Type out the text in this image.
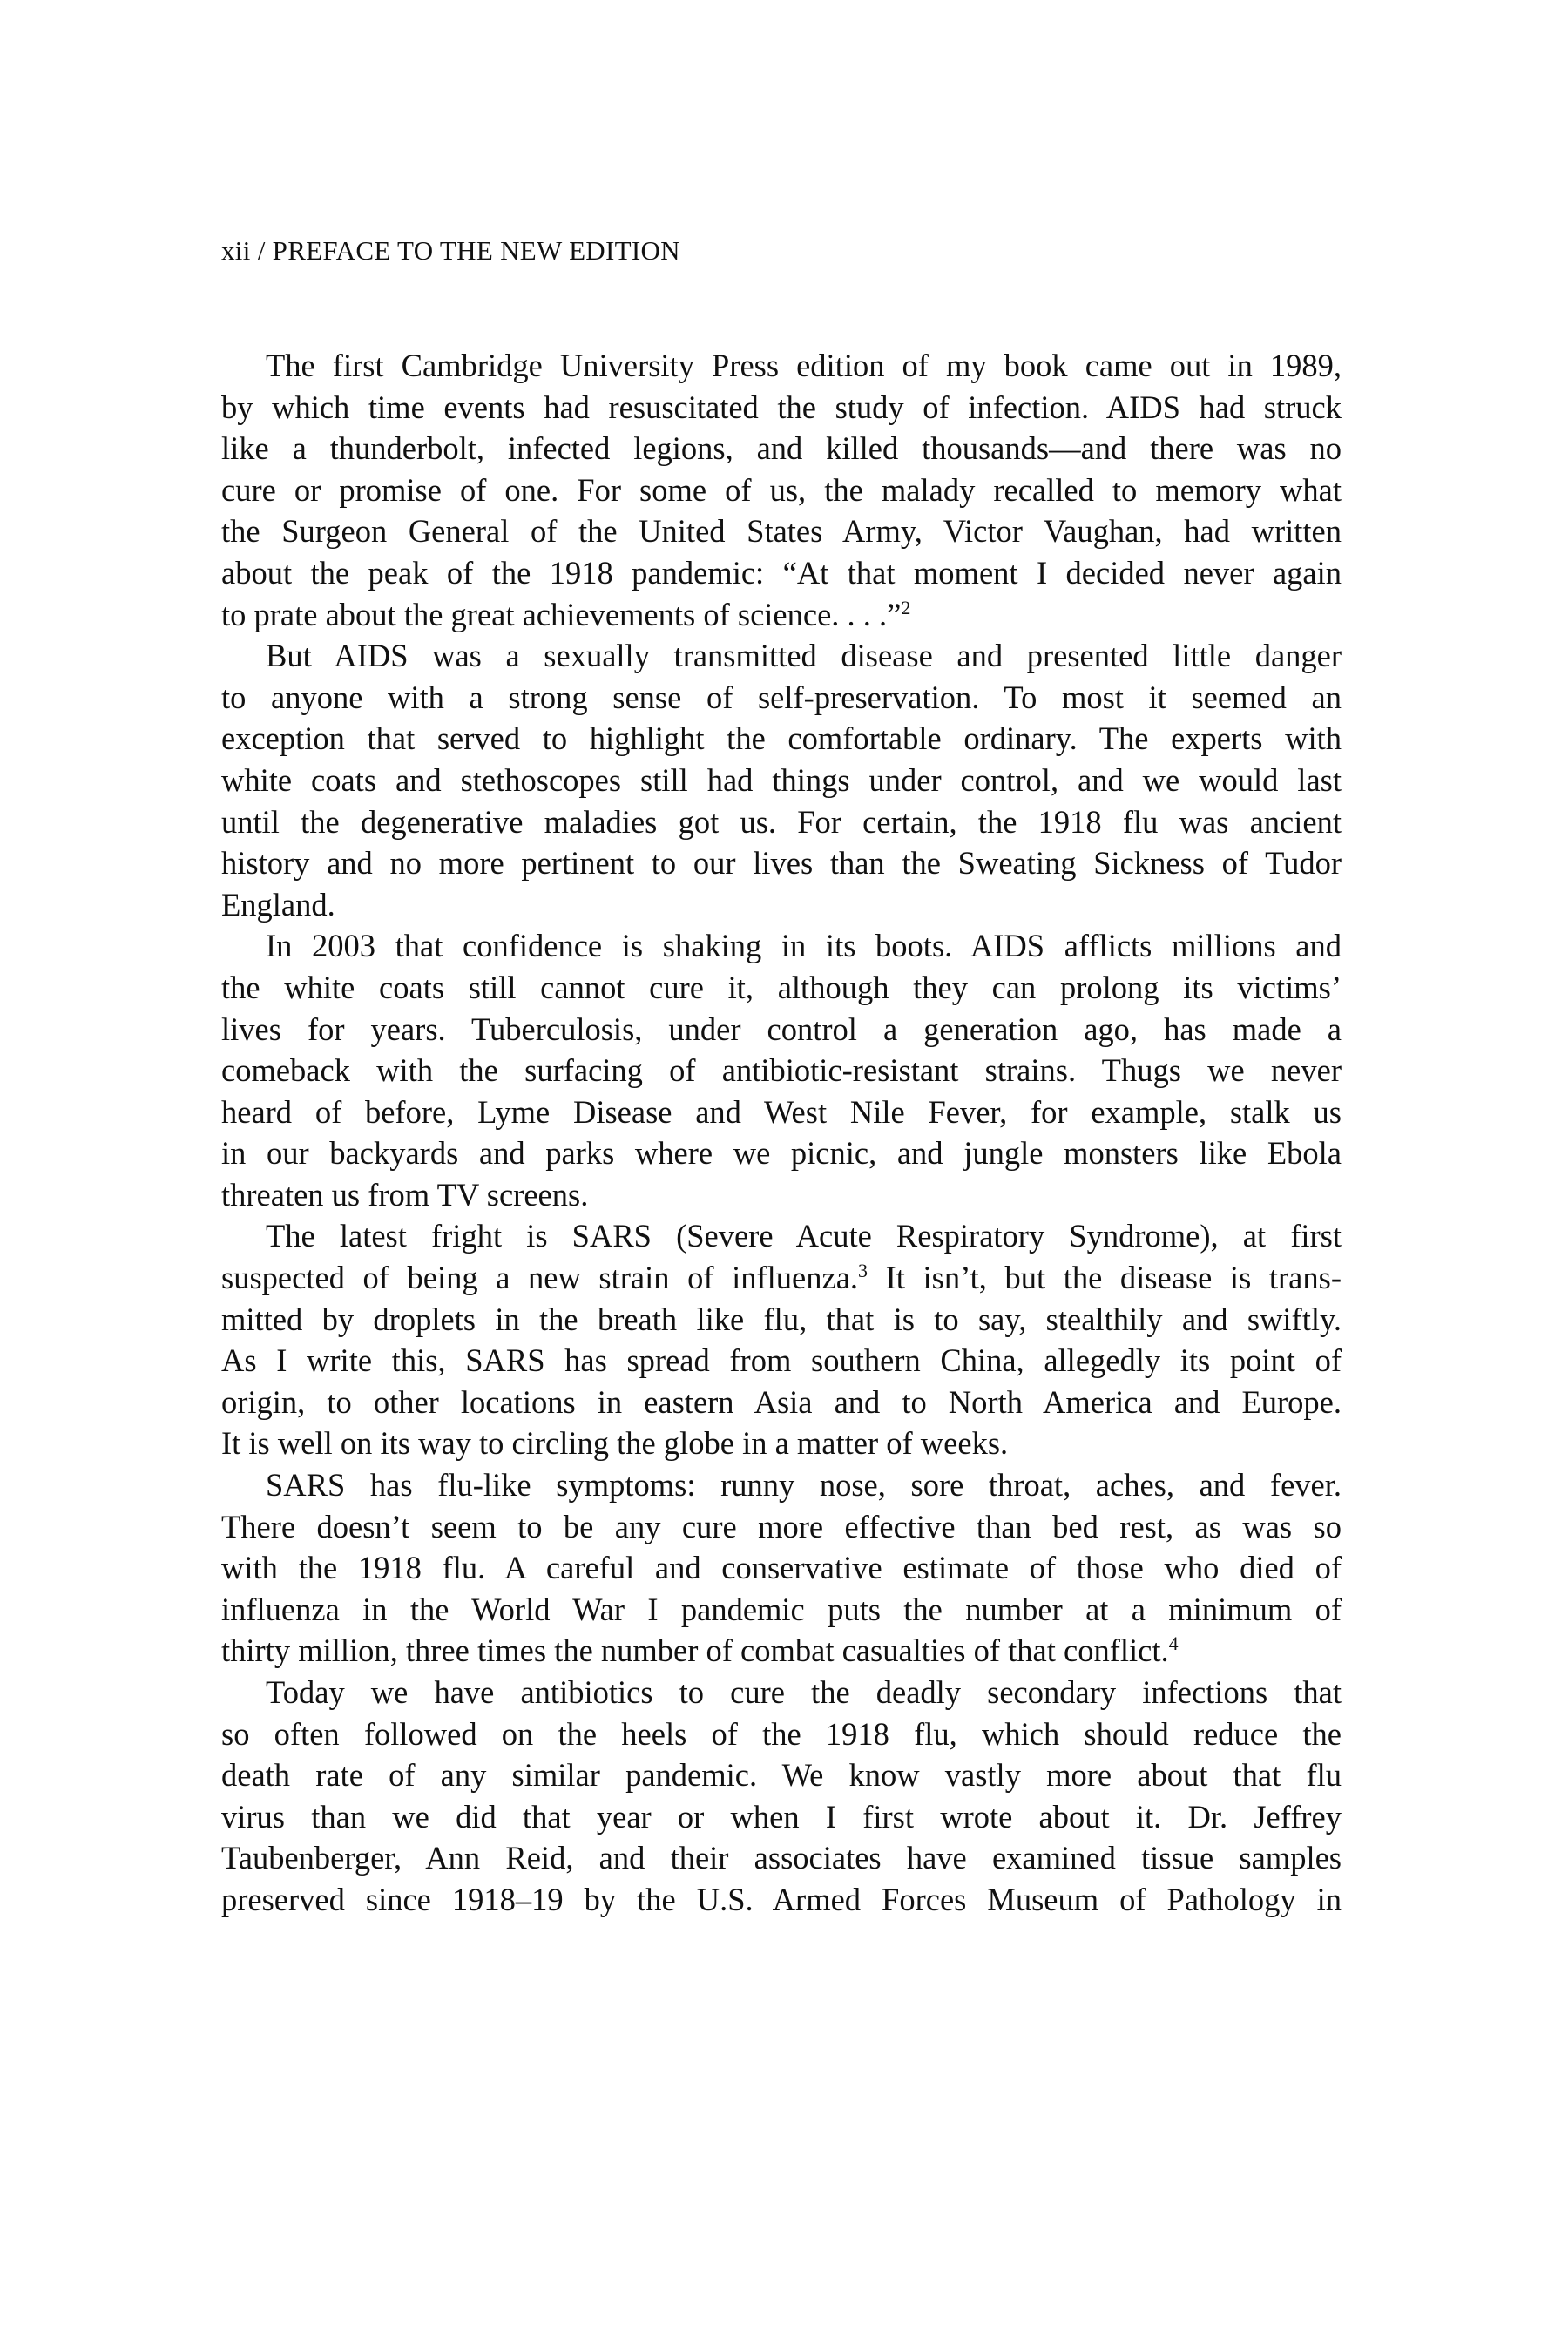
xii / PREFACE TO THE NEW EDITION
The first Cambridge University Press edition of my book came out in 1989,
by which time events had resuscitated the study of infection. AIDS had struck
like a thunderbolt, infected legions, and killed thousands—and there was no
cure or promise of one. For some of us, the malady recalled to memory what
the Surgeon General of the United States Army, Victor Vaughan, had written
about the peak of the 1918 pandemic: “At that moment I decided never again
to prate about the great achievements of science. . . .”$^2$
But AIDS was a sexually transmitted disease and presented little danger
to anyone with a strong sense of self-preservation. To most it seemed an
exception that served to highlight the comfortable ordinary. The experts with
white coats and stethoscopes still had things under control, and we would last
until the degenerative maladies got us. For certain, the 1918 flu was ancient
history and no more pertinent to our lives than the Sweating Sickness of Tudor
England.
In 2003 that confidence is shaking in its boots. AIDS afflicts millions and
the white coats still cannot cure it, although they can prolong its victims’
lives for years. Tuberculosis, under control a generation ago, has made a
comeback with the surfacing of antibiotic-resistant strains. Thugs we never
heard of before, Lyme Disease and West Nile Fever, for example, stalk us
in our backyards and parks where we picnic, and jungle monsters like Ebola
threaten us from TV screens.
The latest fright is SARS (Severe Acute Respiratory Syndrome), at first
suspected of being a new strain of influenza.$^3$ It isn’t, but the disease is trans-
mitted by droplets in the breath like flu, that is to say, stealthily and swiftly.
As I write this, SARS has spread from southern China, allegedly its point of
origin, to other locations in eastern Asia and to North America and Europe.
It is well on its way to circling the globe in a matter of weeks.
SARS has flu-like symptoms: runny nose, sore throat, aches, and fever.
There doesn’t seem to be any cure more effective than bed rest, as was so
with the 1918 flu. A careful and conservative estimate of those who died of
influenza in the World War I pandemic puts the number at a minimum of
thirty million, three times the number of combat casualties of that conflict.$^4$
Today we have antibiotics to cure the deadly secondary infections that
so often followed on the heels of the 1918 flu, which should reduce the
death rate of any similar pandemic. We know vastly more about that flu
virus than we did that year or when I first wrote about it. Dr. Jeffrey
Taubenberger, Ann Reid, and their associates have examined tissue samples
preserved since 1918–19 by the U.S. Armed Forces Museum of Pathology in
